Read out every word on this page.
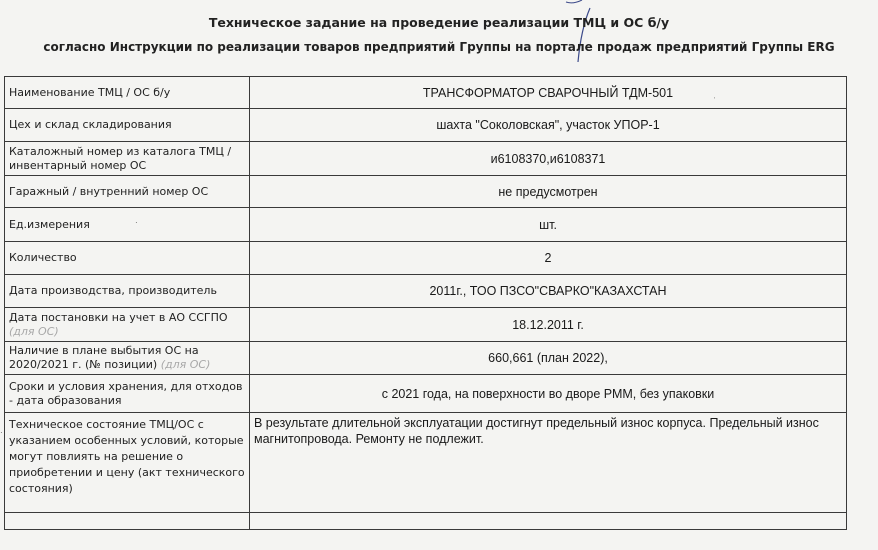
Техническое задание на проведение реализации ТМЦ и ОС б/у
согласно Инструкции по реализации товаров предприятий Группы на портале продаж предприятий Группы ERG
Наименование ТМЦ / ОС б/у	ТРАНСФОРМАТОР СВАРОЧНЫЙ ТДМ-501
Цех и склад складирования	шахта "Соколовская", участок УПОР-1
Каталожный номер из каталога ТМЦ / инвентарный номер ОС	и6108370,и6108371
Гаражный / внутренний номер ОС	не предусмотрен
Ед.измерения	шт.
Количество	2
Дата производства, производитель	2011г., ТОО ПЗСО"СВАРКО"КАЗАХСТАН
Дата постановки на учет в АО ССГПО (для ОС)	18.12.2011 г.
Наличие в плане выбытия ОС на 2020/2021 г. (№ позиции) (для ОС)	660,661 (план 2022),
Сроки и условия хранения, для отходов - дата образования	с 2021 года, на поверхности во дворе РММ, без упаковки
Техническое состояние ТМЦ/ОС с указанием особенных условий, которые могут повлиять на решение о приобретении и цену (акт технического состояния)	В результате длительной эксплуатации достигнут предельный износ корпуса. Предельный износ магнитопровода. Ремонту не подлежит.

ˈ
·
·
